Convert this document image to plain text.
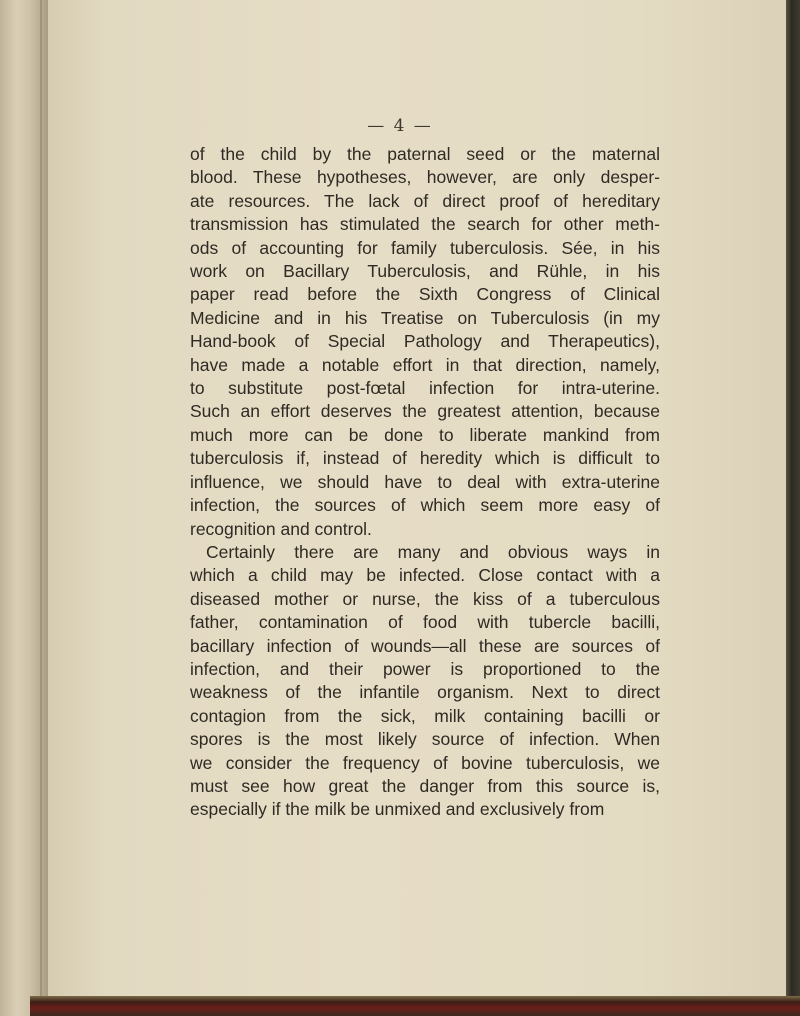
— 4 —
of the child by the paternal seed or the maternal
blood. These hypotheses, however, are only desper-
ate resources. The lack of direct proof of hereditary
transmission has stimulated the search for other meth-
ods of accounting for family tuberculosis. Sée, in his
work on Bacillary Tuberculosis, and Rühle, in his
paper read before the Sixth Congress of Clinical
Medicine and in his Treatise on Tuberculosis (in my
Hand-book of Special Pathology and Therapeutics),
have made a notable effort in that direction, namely,
to substitute post-fœtal infection for intra-uterine.
Such an effort deserves the greatest attention, because
much more can be done to liberate mankind from
tuberculosis if, instead of heredity which is difficult to
influence, we should have to deal with extra-uterine
infection, the sources of which seem more easy of
recognition and control.
Certainly there are many and obvious ways in
which a child may be infected. Close contact with a
diseased mother or nurse, the kiss of a tuberculous
father, contamination of food with tubercle bacilli,
bacillary infection of wounds—all these are sources of
infection, and their power is proportioned to the
weakness of the infantile organism. Next to direct
contagion from the sick, milk containing bacilli or
spores is the most likely source of infection. When
we consider the frequency of bovine tuberculosis, we
must see how great the danger from this source is,
especially if the milk be unmixed and exclusively from
